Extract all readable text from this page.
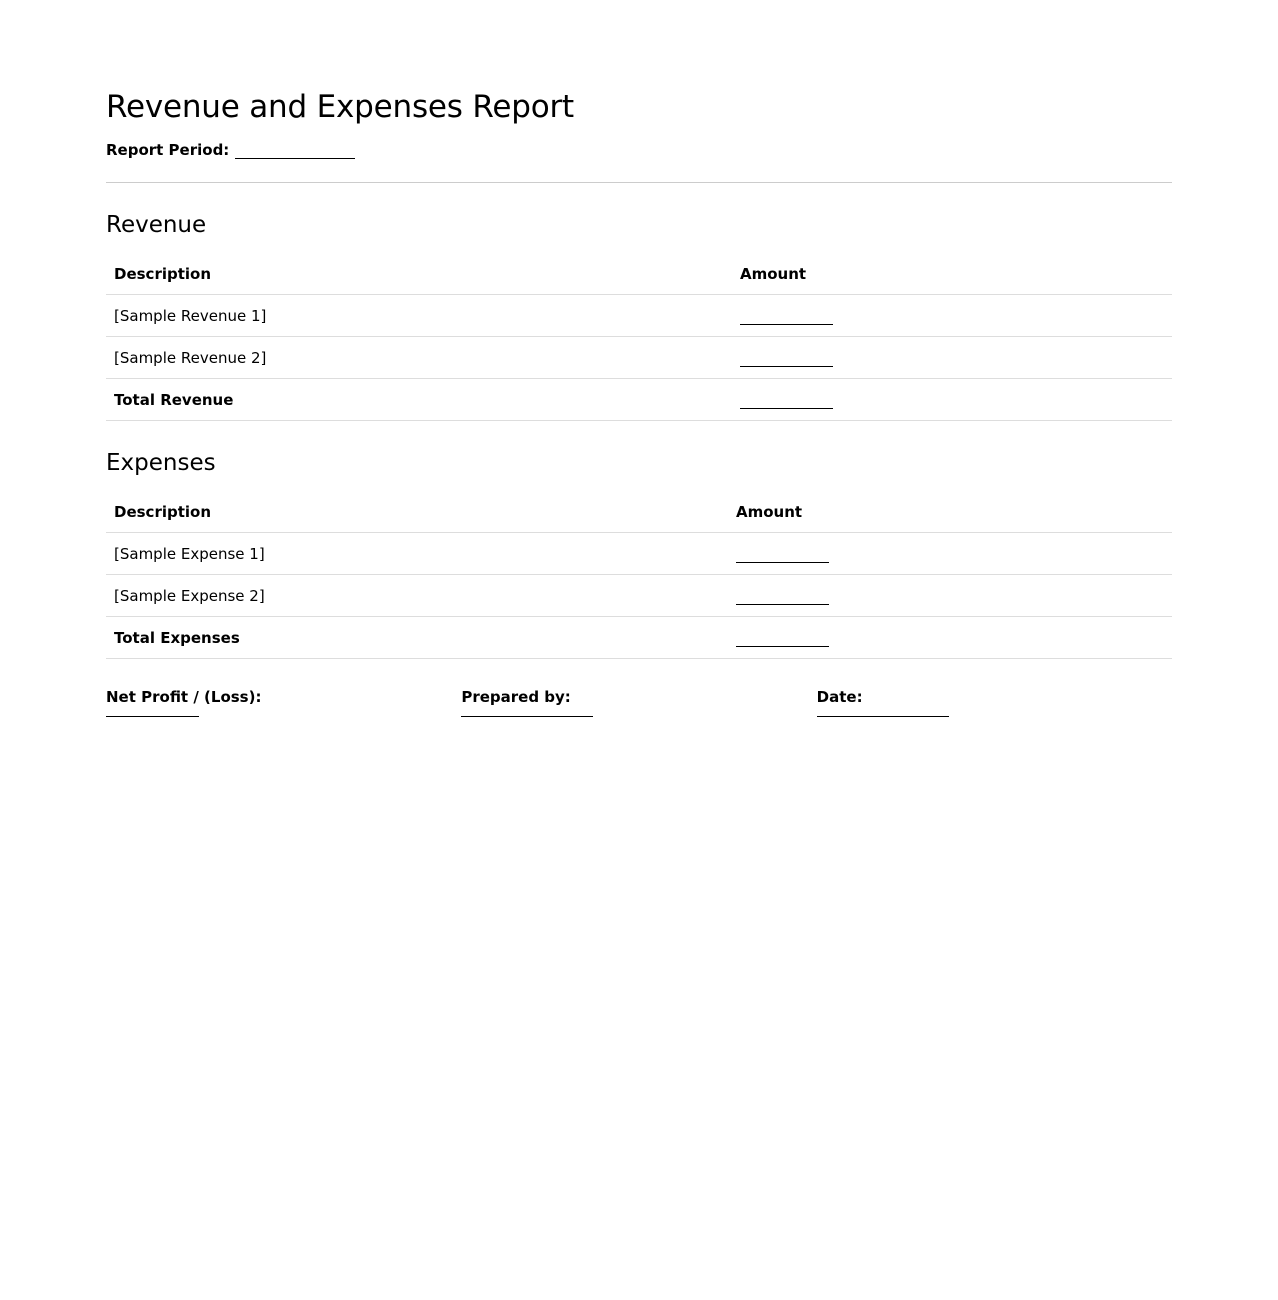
Revenue and Expenses Report
Report Period:
Revenue
Description	Amount
[Sample Revenue 1]	
[Sample Revenue 2]	
Total Revenue	
Expenses
Description	Amount
[Sample Expense 1]	
[Sample Expense 2]	
Total Expenses	
Net Profit / (Loss):	Prepared by:	Date:
